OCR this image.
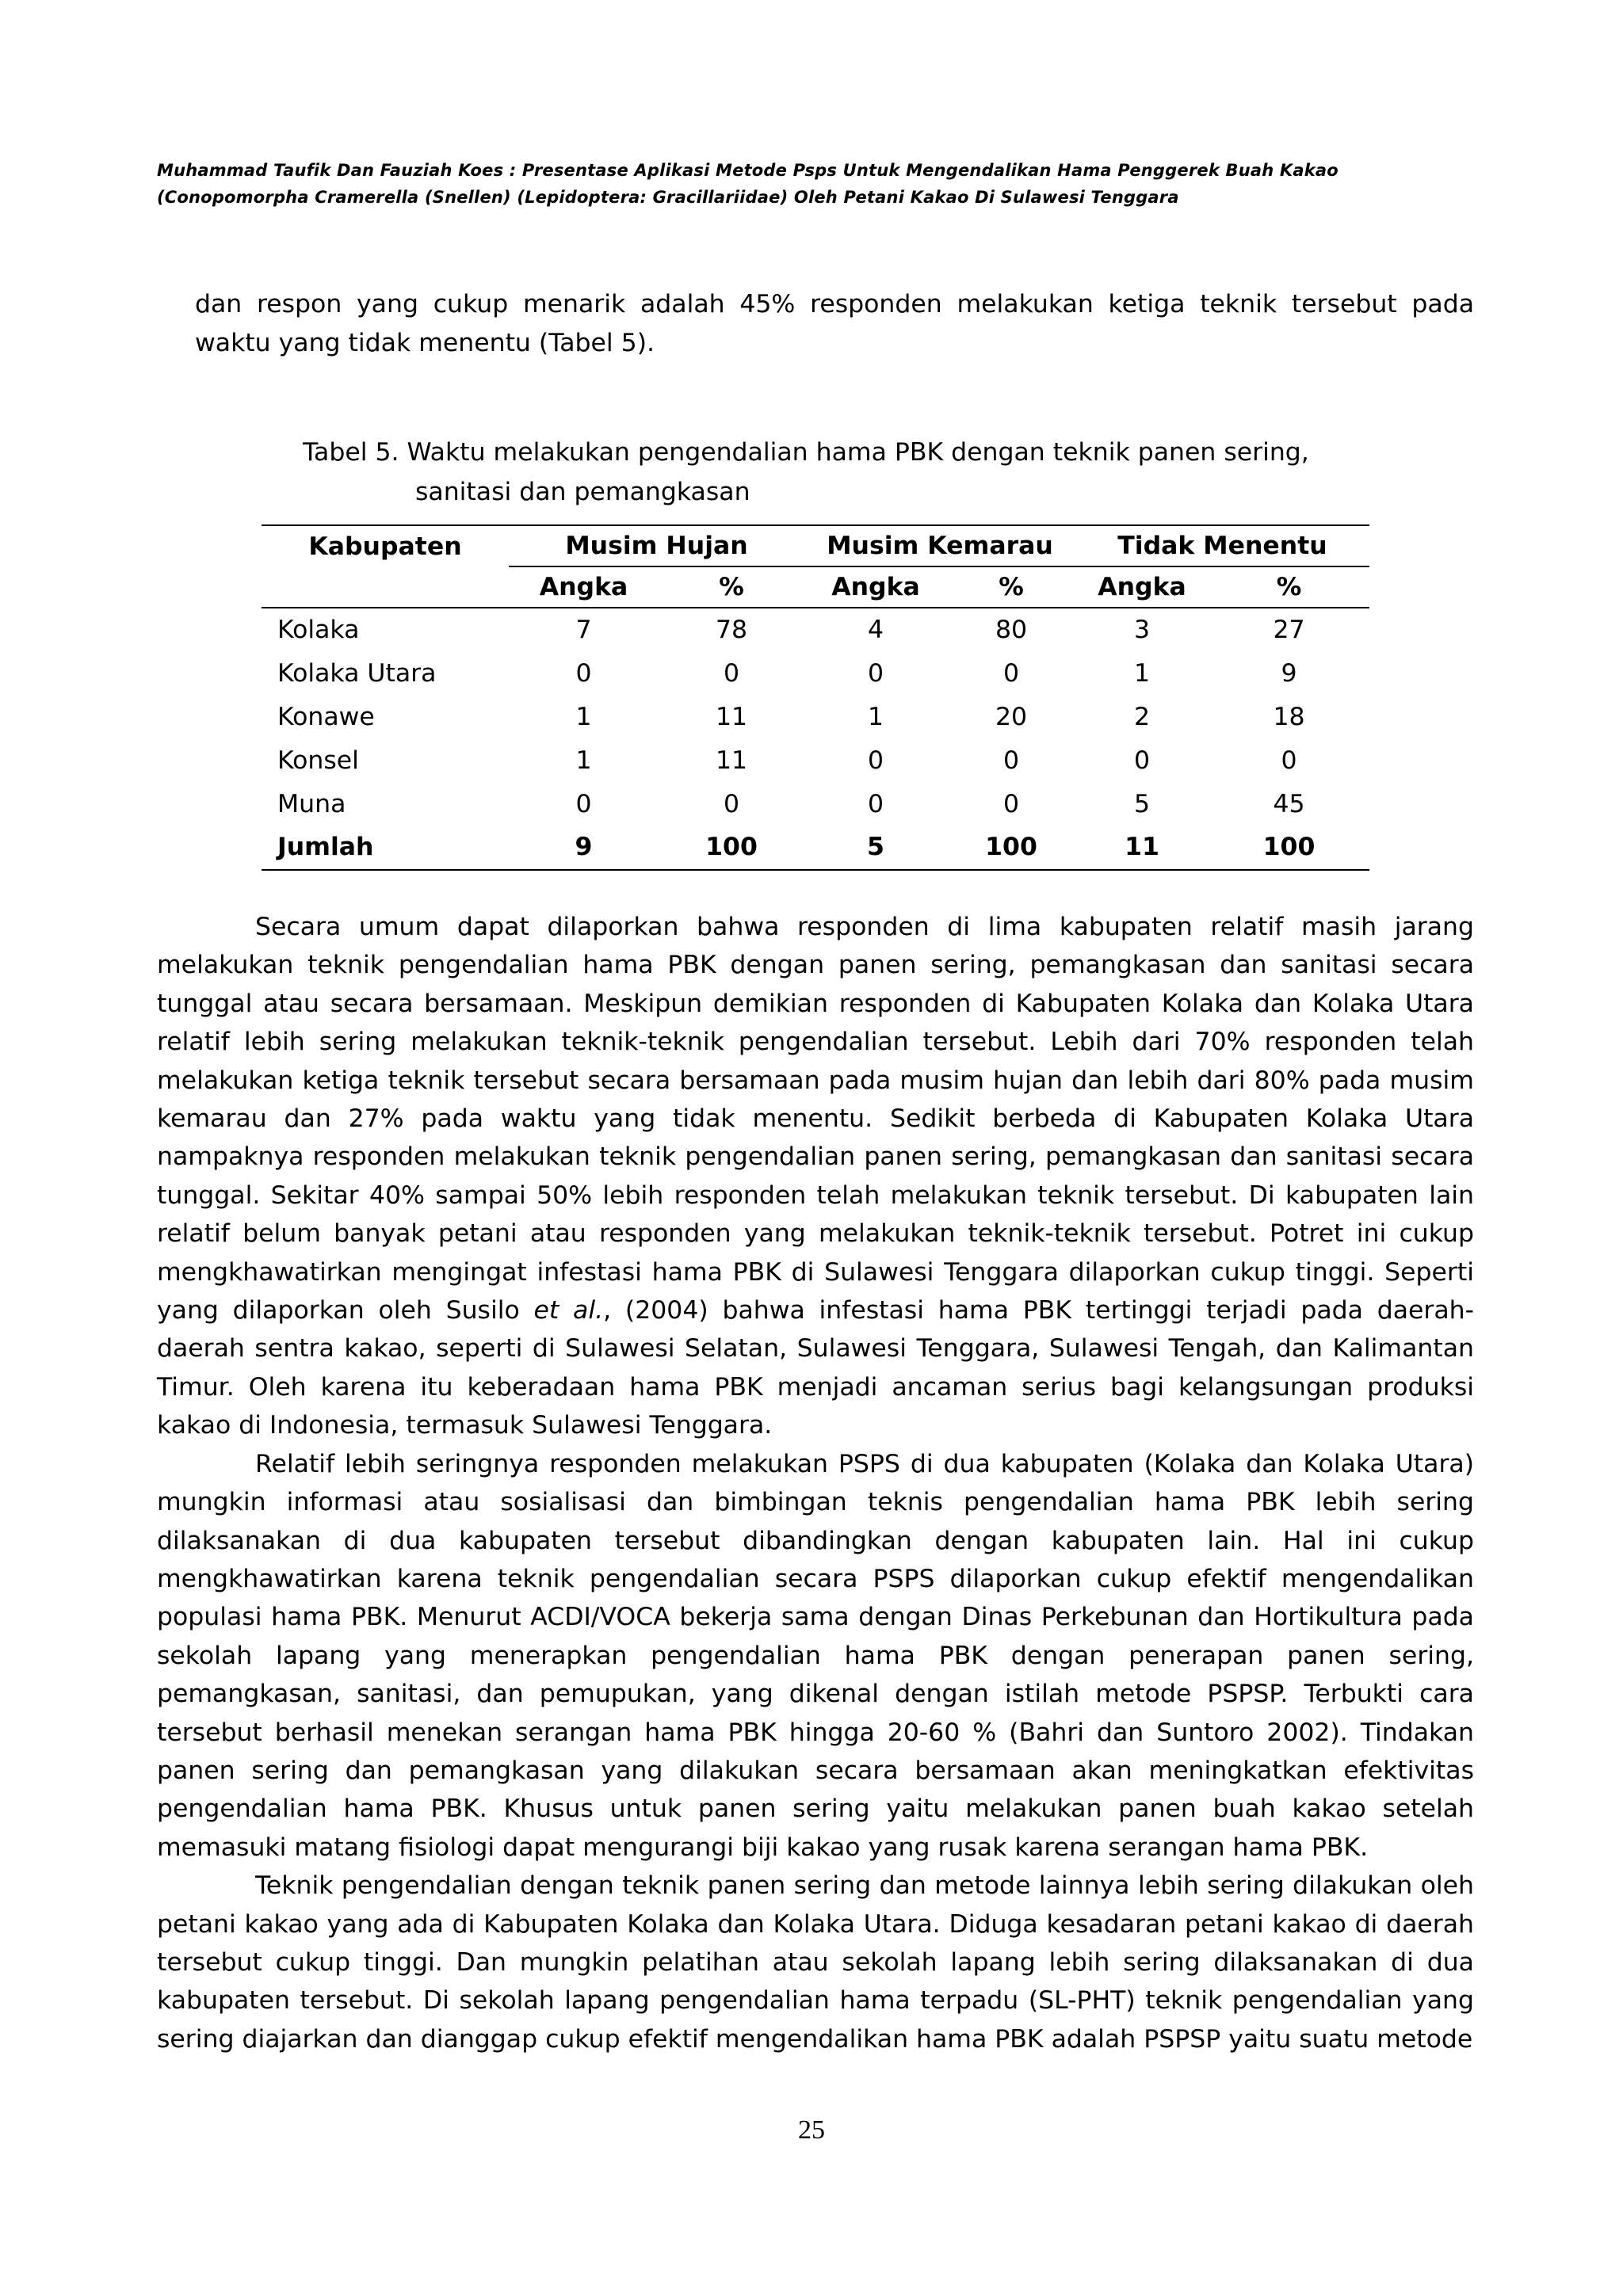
Muhammad Taufik Dan Fauziah Koes : Presentase Aplikasi Metode Psps Untuk Mengendalikan Hama Penggerek Buah Kakao
(Conopomorpha Cramerella (Snellen) (Lepidoptera: Gracillariidae) Oleh Petani Kakao Di Sulawesi Tenggara
dan respon yang cukup menarik adalah 45% responden melakukan ketiga teknik tersebut pada waktu yang tidak menentu (Tabel 5).
Tabel 5. Waktu melakukan pengendalian hama PBK dengan teknik panen sering,
sanitasi dan pemangkasan
Kabupaten	Musim Hujan		Musim Kemarau		Tidak Menentu	
	Angka	%	Angka	%	Angka	%
Kolaka	7	78	4	80	3	27
Kolaka Utara	0	0	0	0	1	9
Konawe	1	11	1	20	2	18
Konsel	1	11	0	0	0	0
Muna	0	0	0	0	5	45
Jumlah	9	100	5	100	11	100

Secara umum dapat dilaporkan bahwa responden di lima kabupaten relatif masih jarang melakukan teknik pengendalian hama PBK dengan panen sering, pemangkasan dan sanitasi secara tunggal atau secara bersamaan. Meskipun demikian responden di Kabupaten Kolaka dan Kolaka Utara relatif lebih sering melakukan teknik-teknik pengendalian tersebut. Lebih dari 70% responden telah melakukan ketiga teknik tersebut secara bersamaan pada musim hujan dan lebih dari 80% pada musim kemarau dan 27% pada waktu yang tidak menentu. Sedikit berbeda di Kabupaten Kolaka Utara nampaknya responden melakukan teknik pengendalian panen sering, pemangkasan dan sanitasi secara tunggal. Sekitar 40% sampai 50% lebih responden telah melakukan teknik tersebut. Di kabupaten lain relatif belum banyak petani atau responden yang melakukan teknik-teknik tersebut. Potret ini cukup mengkhawatirkan mengingat infestasi hama PBK di Sulawesi Tenggara dilaporkan cukup tinggi. Seperti yang dilaporkan oleh Susilo et al., (2004) bahwa infestasi hama PBK tertinggi terjadi pada daerah-daerah sentra kakao, seperti di Sulawesi Selatan, Sulawesi Tenggara, Sulawesi Tengah, dan Kalimantan Timur. Oleh karena itu keberadaan hama PBK menjadi ancaman serius bagi kelangsungan produksi kakao di Indonesia, termasuk Sulawesi Tenggara.

Relatif lebih seringnya responden melakukan PSPS di dua kabupaten (Kolaka dan Kolaka Utara) mungkin informasi atau sosialisasi dan bimbingan teknis pengendalian hama PBK lebih sering dilaksanakan di dua kabupaten tersebut dibandingkan dengan kabupaten lain. Hal ini cukup mengkhawatirkan karena teknik pengendalian secara PSPS dilaporkan cukup efektif mengendalikan populasi hama PBK. Menurut ACDI/VOCA bekerja sama dengan Dinas Perkebunan dan Hortikultura pada sekolah lapang yang menerapkan pengendalian hama PBK dengan penerapan panen sering, pemangkasan, sanitasi, dan pemupukan, yang dikenal dengan istilah metode PSPSP. Terbukti cara tersebut berhasil menekan serangan hama PBK hingga 20-60 % (Bahri dan Suntoro 2002). Tindakan panen sering dan pemangkasan yang dilakukan secara bersamaan akan meningkatkan efektivitas pengendalian hama PBK. Khusus untuk panen sering yaitu melakukan panen buah kakao setelah memasuki matang fisiologi dapat mengurangi biji kakao yang rusak karena serangan hama PBK.

Teknik pengendalian dengan teknik panen sering dan metode lainnya lebih sering dilakukan oleh petani kakao yang ada di Kabupaten Kolaka dan Kolaka Utara. Diduga kesadaran petani kakao di daerah tersebut cukup tinggi. Dan mungkin pelatihan atau sekolah lapang lebih sering dilaksanakan di dua kabupaten tersebut. Di sekolah lapang pengendalian hama terpadu (SL-PHT) teknik pengendalian yang sering diajarkan dan dianggap cukup efektif mengendalikan hama PBK adalah PSPSP yaitu suatu metode

25
